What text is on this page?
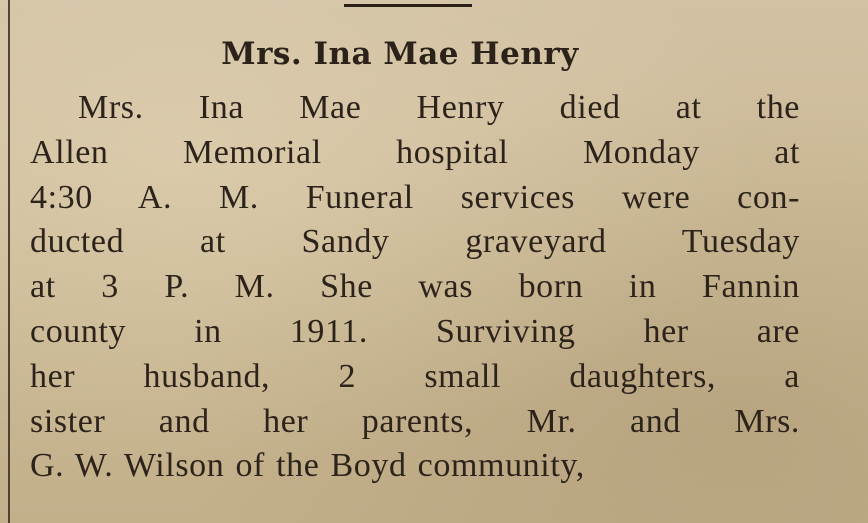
Mrs. Ina Mae Henry
Mrs. Ina Mae Henry died at the
Allen Memorial hospital Monday at
4:30 A. M. Funeral services were con-
ducted at Sandy graveyard Tuesday
at 3 P. M. She was born in Fannin
county in 1911. Surviving her are
her husband, 2 small daughters, a
sister and her parents, Mr. and Mrs.
G. W. Wilson of the Boyd community,
